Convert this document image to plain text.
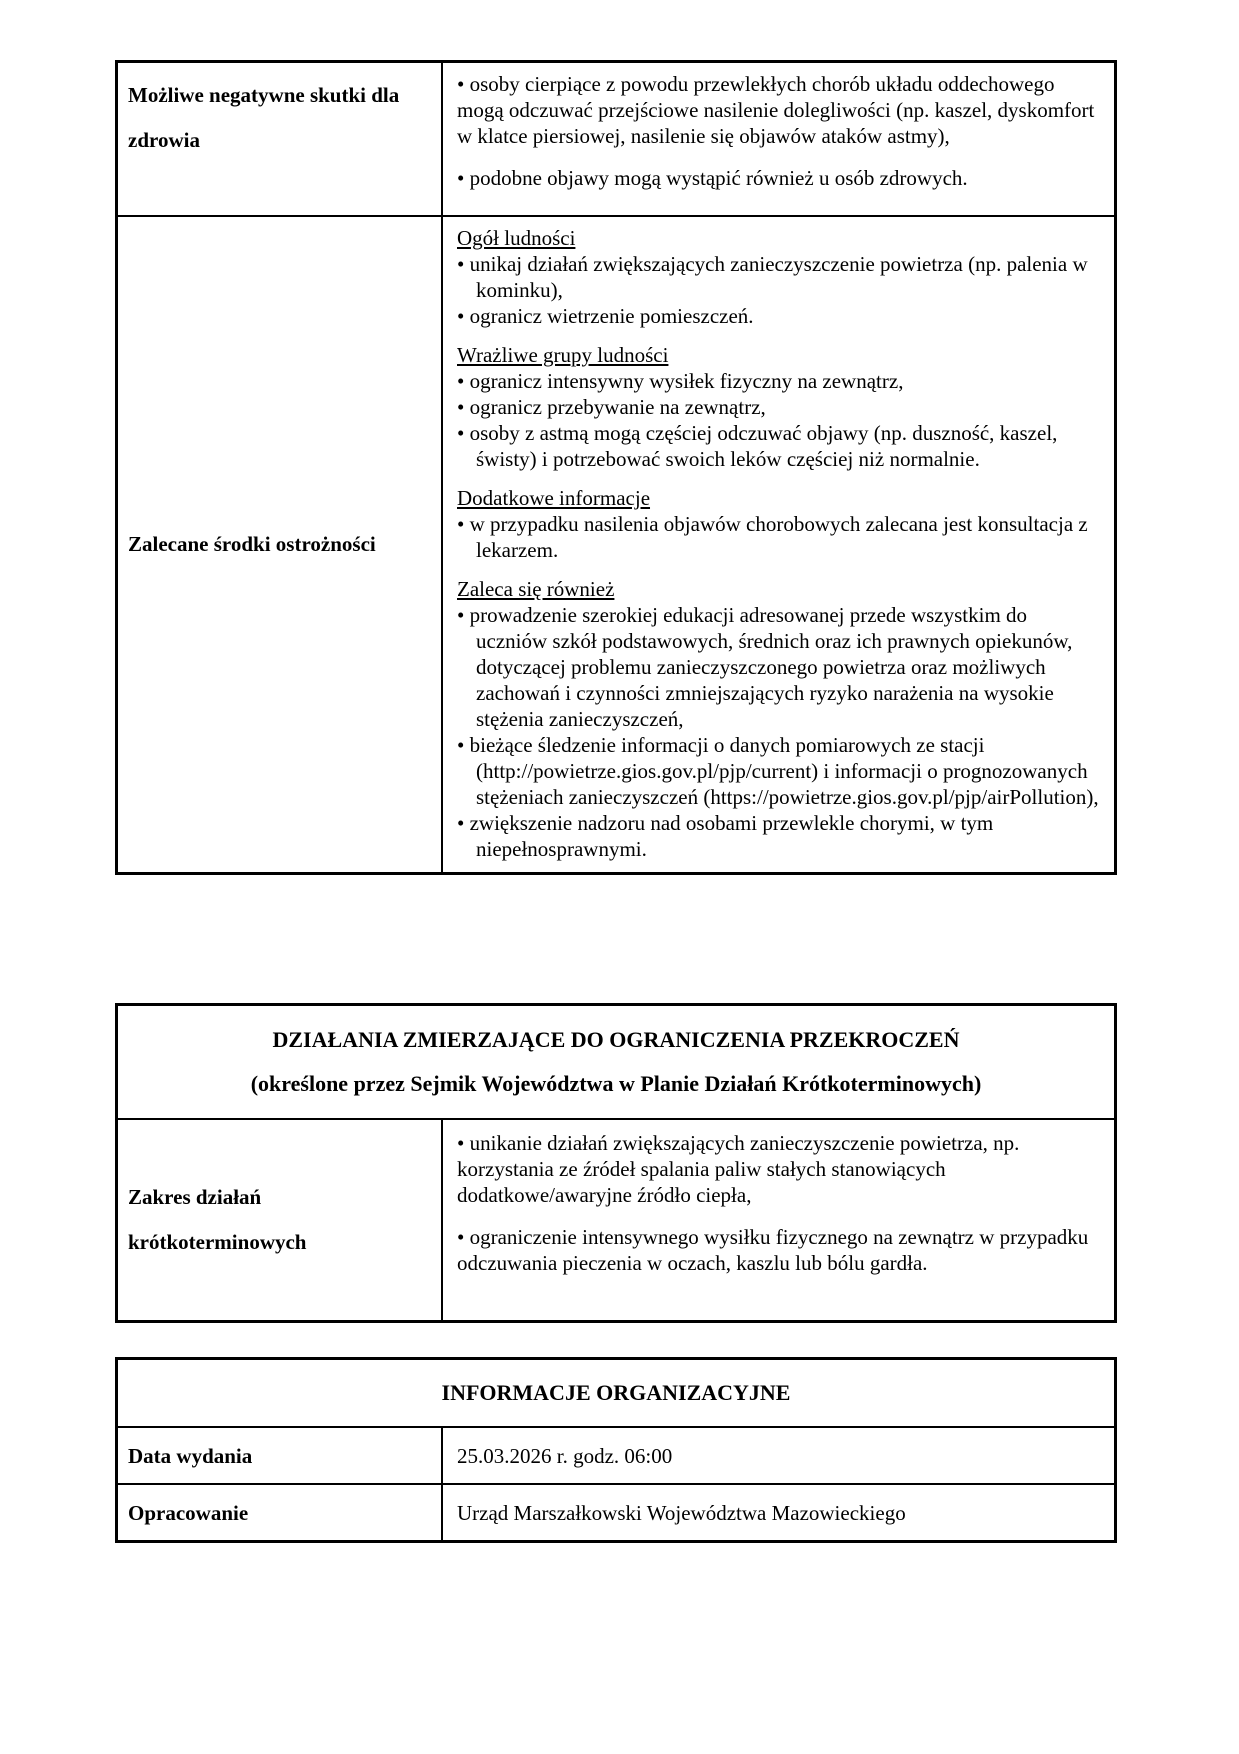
Możliwe negatywne skutki dla zdrowia
• osoby cierpiące z powodu przewlekłych chorób układu oddechowego mogą odczuwać przejściowe nasilenie dolegliwości (np. kaszel, dyskomfort w klatce piersiowej, nasilenie się objawów ataków astmy),
• podobne objawy mogą wystąpić również u osób zdrowych.
Zalecane środki ostrożności
Ogół ludności
• unikaj działań zwiększających zanieczyszczenie powietrza (np. palenia w kominku),
• ogranicz wietrzenie pomieszczeń.
Wrażliwe grupy ludności
• ogranicz intensywny wysiłek fizyczny na zewnątrz,
• ogranicz przebywanie na zewnątrz,
• osoby z astmą mogą częściej odczuwać objawy (np. duszność, kaszel, świsty) i potrzebować swoich leków częściej niż normalnie.
Dodatkowe informacje
• w przypadku nasilenia objawów chorobowych zalecana jest konsultacja z lekarzem.
Zaleca się również
• prowadzenie szerokiej edukacji adresowanej przede wszystkim do uczniów szkół podstawowych, średnich oraz ich prawnych opiekunów, dotyczącej problemu zanieczyszczonego powietrza oraz możliwych zachowań i czynności zmniejszających ryzyko narażenia na wysokie stężenia zanieczyszczeń,
• bieżące śledzenie informacji o danych pomiarowych ze stacji (http://powietrze.gios.gov.pl/pjp/current) i informacji o prognozowanych stężeniach zanieczyszczeń (https://powietrze.gios.gov.pl/pjp/airPollution),
• zwiększenie nadzoru nad osobami przewlekle chorymi, w tym niepełnosprawnymi.
DZIAŁANIA ZMIERZAJĄCE DO OGRANICZENIA PRZEKROCZEŃ
(określone przez Sejmik Województwa w Planie Działań Krótkoterminowych)
Zakres działań krótkoterminowych
• unikanie działań zwiększających zanieczyszczenie powietrza, np. korzystania ze źródeł spalania paliw stałych stanowiących dodatkowe/awaryjne źródło ciepła,
• ograniczenie intensywnego wysiłku fizycznego na zewnątrz w przypadku odczuwania pieczenia w oczach, kaszlu lub bólu gardła.
INFORMACJE ORGANIZACYJNE
Data wydania	25.03.2026 r. godz. 06:00
Opracowanie	Urząd Marszałkowski Województwa Mazowieckiego
